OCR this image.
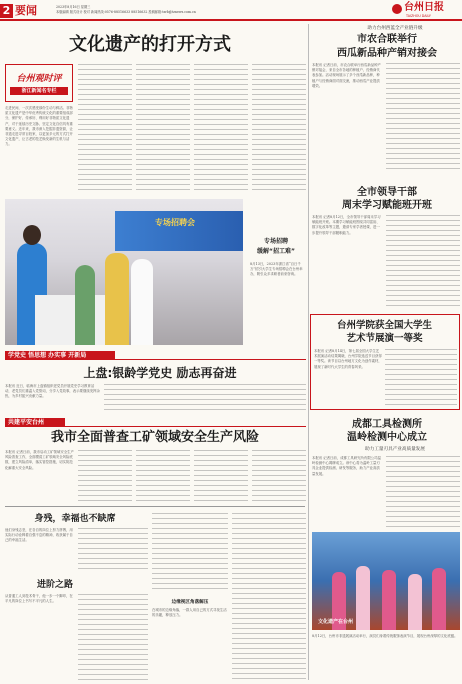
2 要闻	2023年8月16日 星期三
本版编辑 版式设计 校对 新闻热线:0576-88516633 88516632 投稿邮箱:tzrb@tznews.com.cn	台州日报
TAIZHOU DAILY
文化遗产的打开方式
台州观时评
浙江新闻名专栏
走进民间，一次次感受那份生动与鲜活。非物质文化遗产是中华优秀传统文化的重要组成部分，保护好、传承好、利用好非物质文化遗产，对于延续历史文脉、坚定文化自信具有重要意义。近年来，我市深入挖掘非遗资源，让非遗走进寻常百姓家，以更加多元的方式打开文化遗产，让古老的技艺焕发新的生机与活力。
专场招聘会
专场招聘
缓解“招工难”
8月13日，2023年浙江省“百日千万”招引大学生专场招聘会在台州举办，吸引众多求职者前来咨询。
学党史 悟思想 办实事 开新局
上盘:银龄学党史 励志再奋进
本报讯 近日，临海市上盘镇组织老党员开展党史学习教育活动，老党员们重温入党誓词，分享入党故事，表示要继续发挥余热，为乡村振兴贡献力量。
共建平安台州
我市全面普查工矿领域安全生产风险
本报讯 记者日前，我市启动工矿领域安全生产风险普查工作，全面摸清工矿领域安全风险底数，建立风险清单，落实管控措施，切实防范化解重大安全风险。
身残，幸福也不缺席
他们身残志坚，在各自的岗位上努力拼搏，用实际行动诠释着自强不息的精神，收获属于自己的幸福生活。
进阶之路
从普通工人到技术骨干，他一步一个脚印，在平凡的岗位上书写不平凡的人生。	边缘视区角落解压
在城市的边缘角落，一群人用自己的方式寻找生活的乐趣，释放压力。
助力台州西蓝全产业链升级
市农合联举行
西瓜新品种产销对接会
本报讯 记者日前，市农合联举行西瓜新品种产销对接会，来自全市各地的种植户、经销商代表参加。活动现场展示了多个西瓜新品种，种植户与经销商面对面交流，推动西瓜产业提质增效。
全市领导干部
周末学习赋能班开班
本报讯 记者8月12日，全市领导干部周末学习赋能班开班。本期学习赋能班围绕共同富裕、数字化改革等主题，邀请专家学者授课，进一步提升领导干部履职能力。
台州学院获全国大学生
艺术节展演一等奖
本报讯 记者8月14日，第七届全国大学生艺术展演活动结果揭晓，台州学院选送节目获得一等奖。该节目以台州地方文化为创作素材，展现了新时代大学生的青春风采。
成都工具检测所
温岭检测中心成立
助力工量刃具产业高质量发展
本报讯 记者日前，成都工具研究所有限公司温岭检测中心揭牌成立。该中心将为温岭工量刃具企业提供检测、研发等服务，助力产业高质量发展。
文化遗产在台州
8月12日，台州市非遗展演活动举行，演员们身着传统服饰表演节目，展现台州深厚的文化底蕴。
